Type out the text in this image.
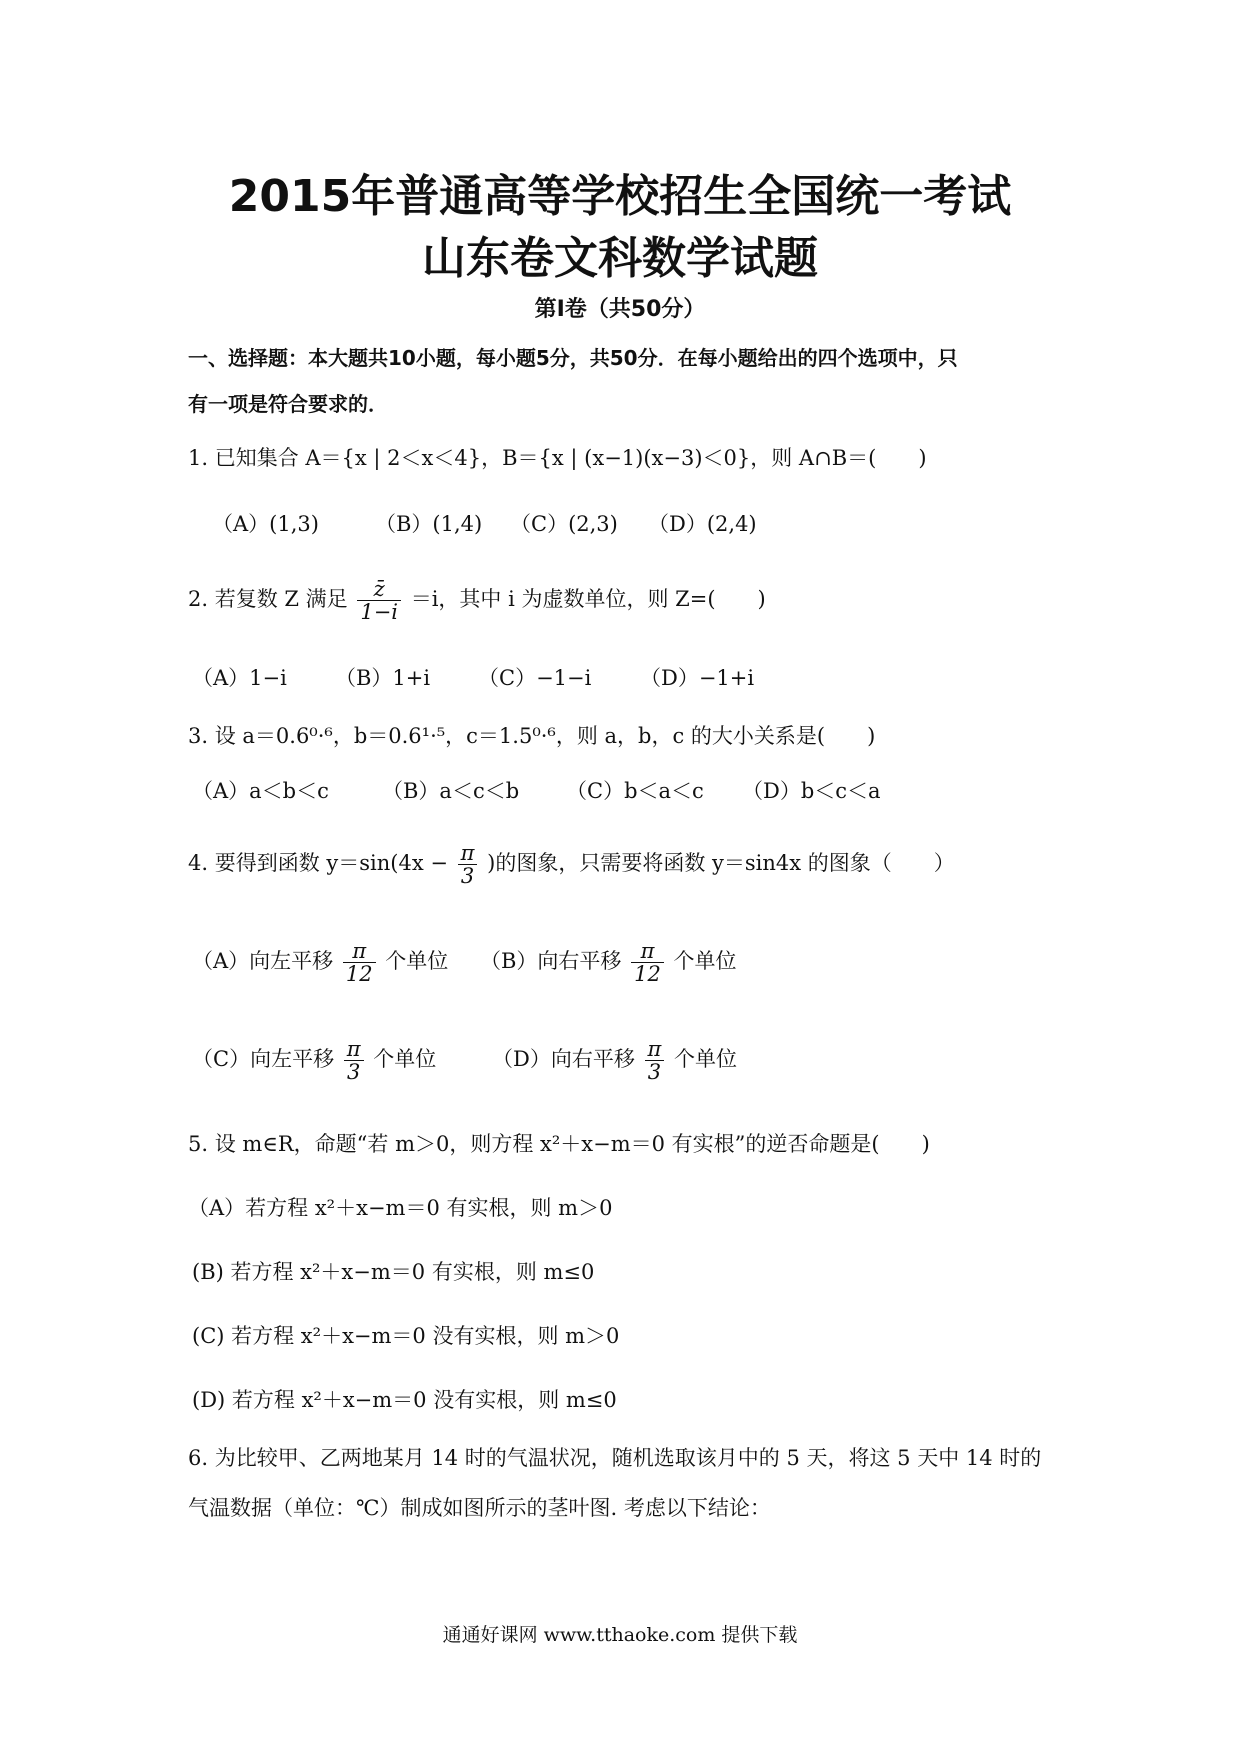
2015年普通高等学校招生全国统一考试
山东卷文科数学试题
第Ⅰ卷（共50分）
一、选择题：本大题共10小题，每小题5分，共50分．在每小题给出的四个选项中，只
有一项是符合要求的．
1. 已知集合 A＝{x | 2＜x＜4}，B＝{x | (x−1)(x−3)＜0}，则 A∩B＝(　　)
（A）(1,3)	（B）(1,4) （C）(2,3) （D）(2,4)
2. 若复数 Z 满足 $\frac{z̄}{1-i} =i$，其中 i 为虚数单位，则 Z=(　　)
（A）1−i （B）1+i （C）−1−i （D）−1+i
3. 设 a＝0.6⁰·⁶，b＝0.6¹·⁵，c＝1.5⁰·⁶，则 a，b，c 的大小关系是(　　)
（A）a＜b＜c	（B）a＜c＜b （C）b＜a＜c （D）b＜c＜a
4. 要得到函数 $y=\sin(4x - \frac{\pi}{3}$ )的图象，只需要将函数 y＝sin4x 的图象（　　）
（A）向左平移 $\frac{\pi}{12}$ 个单位 （B）向右平移 $\frac{\pi}{12}$ 个单位
（C）向左平移 $\frac{\pi}{3}$ 个单位	（D）向右平移 $\frac{\pi}{3}$ 个单位
5. 设 m∈R，命题“若 m＞0，则方程 x²＋x−m＝0 有实根”的逆否命题是(　　)
（A）若方程 x²＋x−m＝0 有实根，则 m＞0
(B) 若方程 x²＋x−m＝0 有实根，则 m≤0
(C) 若方程 x²＋x−m＝0 没有实根，则 m＞0
(D) 若方程 x²＋x−m＝0 没有实根，则 m≤0
6. 为比较甲、乙两地某月 14 时的气温状况，随机选取该月中的 5 天，将这 5 天中 14 时的
气温数据（单位：℃）制成如图所示的茎叶图. 考虑以下结论：
通通好课网 www.tthaoke.com 提供下载
